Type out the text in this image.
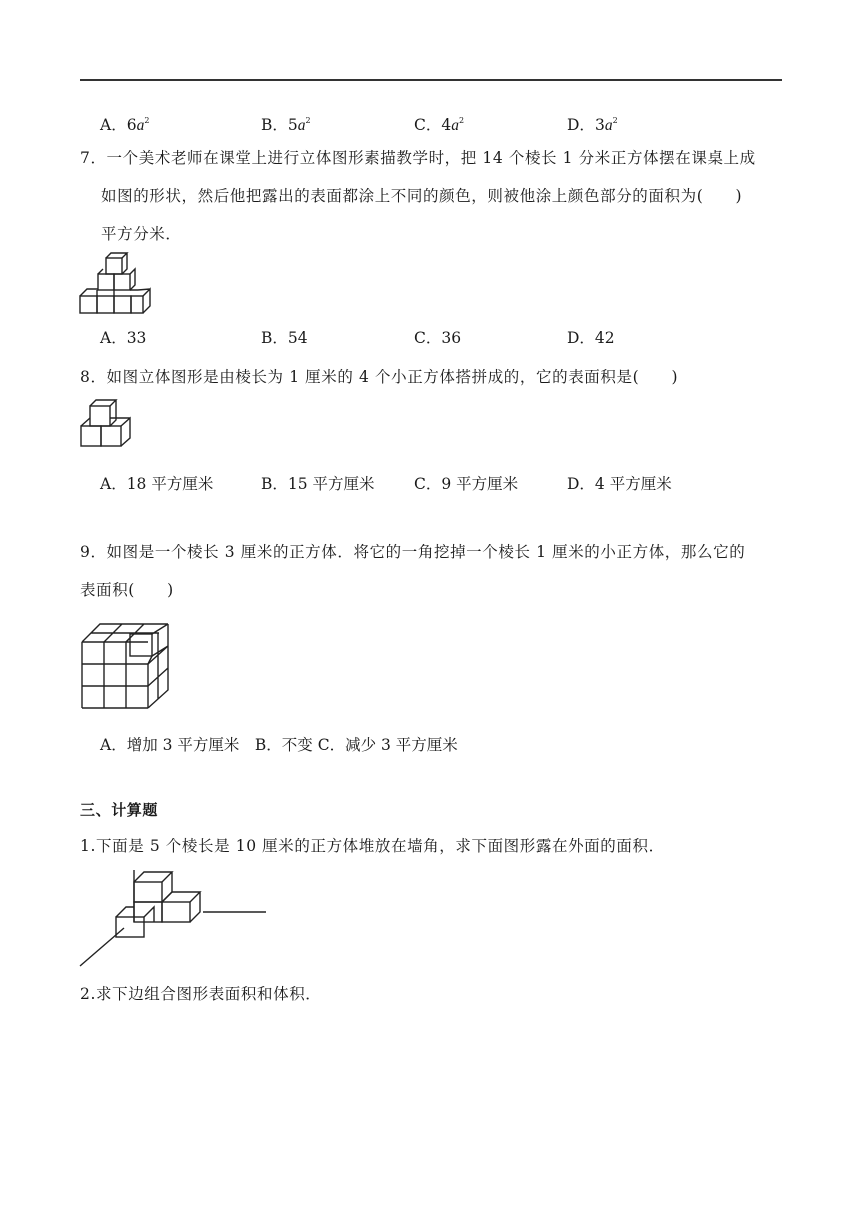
A．$6a^2$	B．$5a^2$	C．$4a^2$	D．$3a^2$
7．一个美术老师在课堂上进行立体图形素描教学时，把 14 个棱长 1 分米正方体摆在课桌上成
如图的形状，然后他把露出的表面都涂上不同的颜色，则被他涂上颜色部分的面积为(　　)
平方分米．
A．33	B．54	C．36	D．42
8．如图立体图形是由棱长为 1 厘米的 4 个小正方体搭拼成的，它的表面积是(　　)
A．18 平方厘米	B．15 平方厘米	C．9 平方厘米	D．4 平方厘米
9．如图是一个棱长 3 厘米的正方体．将它的一角挖掉一个棱长 1 厘米的小正方体，那么它的
表面积(　　)
A．增加 3 平方厘米　B．不变 C．减少 3 平方厘米
三、计算题
1.下面是 5 个棱长是 10 厘米的正方体堆放在墙角，求下面图形露在外面的面积．
2.求下边组合图形表面积和体积．
